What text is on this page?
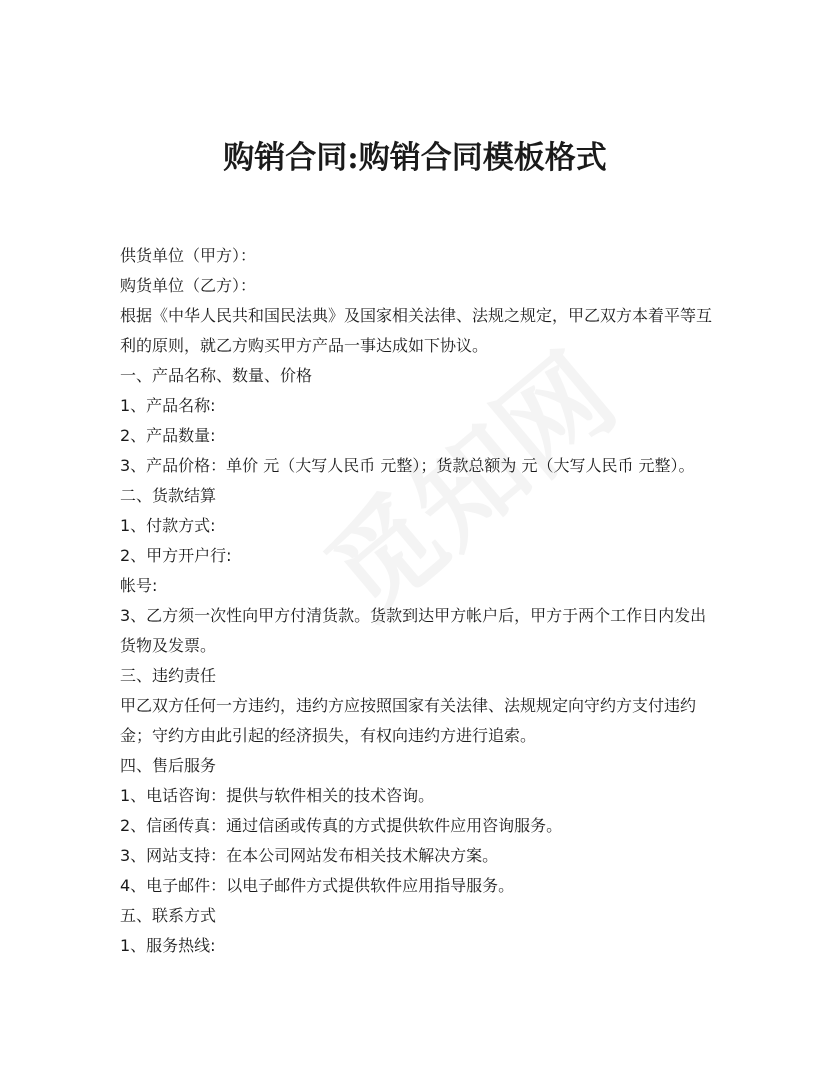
购销合同:购销合同模板格式

供货单位（甲方）：

购货单位（乙方）：

根据《中华人民共和国民法典》及国家相关法律、法规之规定，甲乙双方本着平等互利的原则，就乙方购买甲方产品一事达成如下协议。

一、产品名称、数量、价格

1、产品名称:

2、产品数量:

3、产品价格：单价 元（大写人民币 元整）；货款总额为 元（大写人民币 元整）。

二、货款结算

1、付款方式:

2、甲方开户行:

帐号:

3、乙方须一次性向甲方付清货款。货款到达甲方帐户后，甲方于两个工作日内发出货物及发票。

三、违约责任

甲乙双方任何一方违约，违约方应按照国家有关法律、法规规定向守约方支付违约金；守约方由此引起的经济损失，有权向违约方进行追索。

四、售后服务

1、电话咨询：提供与软件相关的技术咨询。

2、信函传真：通过信函或传真的方式提供软件应用咨询服务。

3、网站支持：在本公司网站发布相关技术解决方案。

4、电子邮件：以电子邮件方式提供软件应用指导服务。

五、联系方式

1、服务热线:
